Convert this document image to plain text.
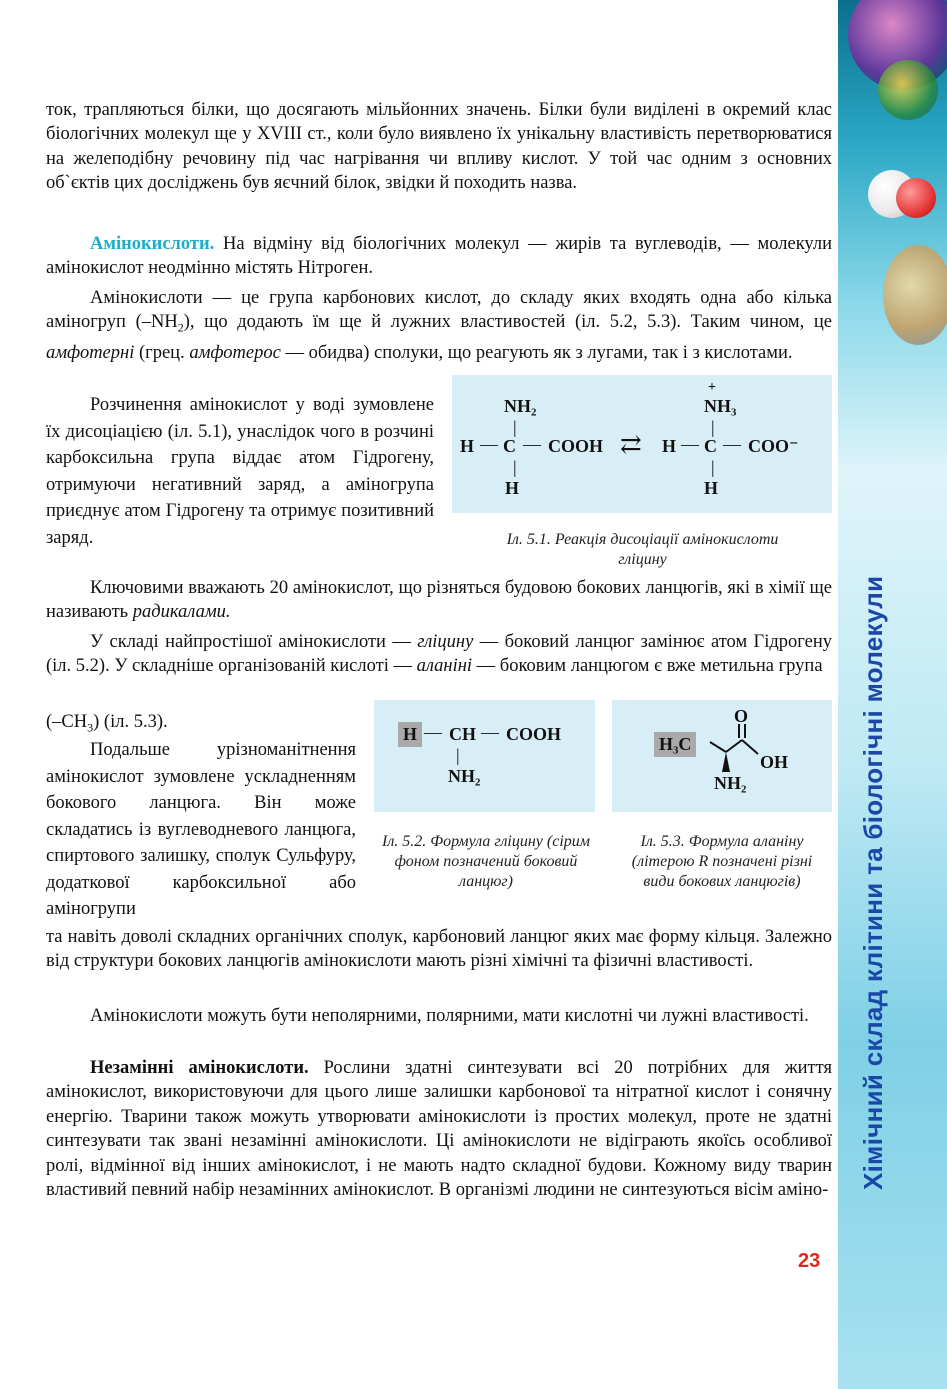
Хімічний склад клітини та біологічні молекули
ток, трапляються білки, що досягають мільйонних значень. Білки були виділені в окремий клас біологічних молекул ще у XVIII ст., коли було виявлено їх унікальну властивість перетворюватися на желеподібну речовину під час нагрівання чи впливу кислот. У той час одним з основних об`єктів цих досліджень був яєчний білок, звідки й походить назва.
Амінокислоти. На відміну від біологічних молекул — жирів та вуглеводів, — молекули амінокислот неодмінно містять Нітроген.
Амінокислоти — це група карбонових кислот, до складу яких входять одна або кілька аміногруп $(-NH_2)$, що додають їм ще й лужних властивостей (іл. 5.2, 5.3). Таким чином, це амфотерні (грец. амфотерос — обидва) сполуки, що реагують як з лугами, так і з кислотами.
Розчинення амінокислот у воді зумовлене їх дисоціацією (іл. 5.1), унаслідок чого в розчині карбоксильна група віддає атом Гідрогену, отримуючи негативний заряд, а аміногрупа приєднує атом Гідрогену та отримує позитивний заряд.
NH₂
|
H — C — COOH
|
H
⇄
+
NH₃
|
H — C — COO⁻
|
H
Іл. 5.1. Реакція дисоціації амінокислоти гліцину
Ключовими вважають 20 амінокислот, що різняться будовою бокових ланцюгів, які в хімії ще називають радикалами.
У складі найпростішої амінокислоти — гліцину — боковий ланцюг замінює атом Гідрогену (іл. 5.2). У складніше організованій кислоті — аланіні — боковим ланцюгом є вже метильна група
$(-CH_3)$ (іл. 5.3).
Подальше урізноманітнення амінокислот зумовлене ускладненням бокового ланцюга. Він може складатись із вуглеводневого ланцюга, спиртового залишку, сполук Сульфуру, додаткової карбоксильної або аміногрупи
H — CH — COOH
|
NH₂
Іл. 5.2. Формула гліцину (сірим фоном позначений боковий ланцюг)
H₃C
O
OH
NH₂
Іл. 5.3. Формула аланіну (літерою R позначені різні види бокових ланцюгів)
та навіть доволі складних органічних сполук, карбоновий ланцюг яких має форму кільця. Залежно від структури бокових ланцюгів амінокислоти мають різні хімічні та фізичні властивості.
Амінокислоти можуть бути неполярними, полярними, мати кислотні чи лужні властивості.
Незамінні амінокислоти. Рослини здатні синтезувати всі 20 потрібних для життя амінокислот, використовуючи для цього лише залишки карбонової та нітратної кислот і сонячну енергію. Тварини також можуть утворювати амінокислоти із простих молекул, проте не здатні синтезувати так звані незамінні амінокислоти. Ці амінокислоти не відіграють якоїсь особливої ролі, відмінної від інших амінокислот, і не мають надто складної будови. Кожному виду тварин властивий певний набір незамінних амінокислот. В організмі людини не синтезуються вісім аміно-
23
